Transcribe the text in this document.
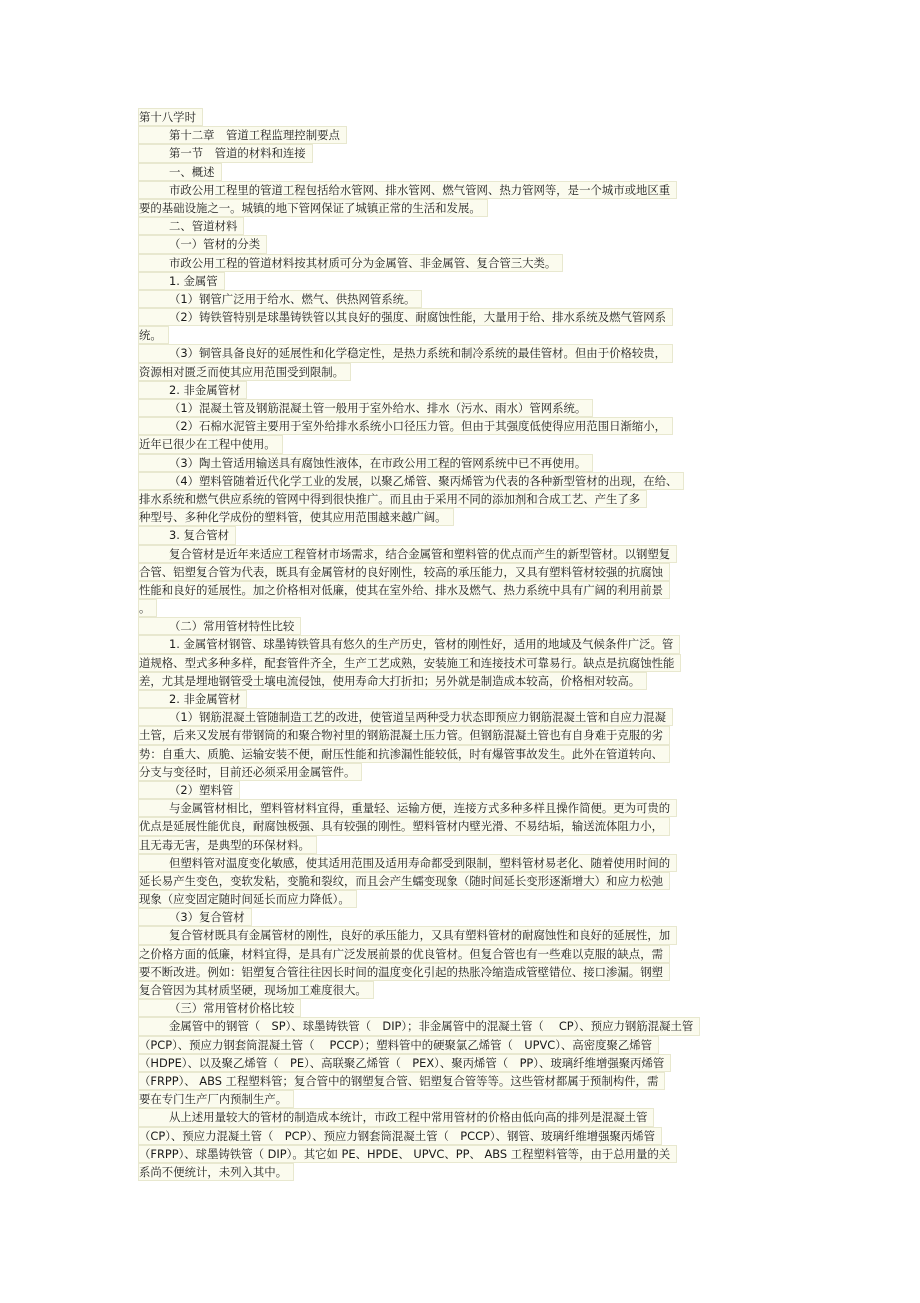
第十八学时
第十二章　管道工程监理控制要点
第一节　管道的材料和连接
一、概述
市政公用工程里的管道工程包括给水管网、排水管网、燃气管网、热力管网等，是一个城市或地区重
要的基础设施之一。城镇的地下管网保证了城镇正常的生活和发展。
二、管道材料
（一）管材的分类
市政公用工程的管道材料按其材质可分为金属管、非金属管、复合管三大类。
1. 金属管
（1）钢管广泛用于给水、燃气、供热网管系统。
（2）铸铁管特别是球墨铸铁管以其良好的强度、耐腐蚀性能，大量用于给、排水系统及燃气管网系
统。
（3）铜管具备良好的延展性和化学稳定性，是热力系统和制冷系统的最佳管材。但由于价格较贵，
资源相对匮乏而使其应用范围受到限制。
2. 非金属管材
（1）混凝土管及钢筋混凝土管一般用于室外给水、排水（污水、雨水）管网系统。
（2）石棉水泥管主要用于室外给排水系统小口径压力管。但由于其强度低使得应用范围日渐缩小，
近年已很少在工程中使用。
（3）陶土管适用输送具有腐蚀性液体，在市政公用工程的管网系统中已不再使用。
（4）塑料管随着近代化学工业的发展，以聚乙烯管、聚丙烯管为代表的各种新型管材的出现，在给、
排水系统和燃气供应系统的管网中得到很快推广。而且由于采用不同的添加剂和合成工艺、产生了多
种型号、多种化学成份的塑料管，使其应用范围越来越广阔。
3. 复合管材
复合管材是近年来适应工程管材市场需求，结合金属管和塑料管的优点而产生的新型管材。以钢塑复
合管、铝塑复合管为代表，既具有金属管材的良好刚性，较高的承压能力，又具有塑料管材较强的抗腐蚀
性能和良好的延展性。加之价格相对低廉，使其在室外给、排水及燃气、热力系统中具有广阔的利用前景
。
（二）常用管材特性比较
1. 金属管材钢管、球墨铸铁管具有悠久的生产历史，管材的刚性好，适用的地域及气候条件广泛。管
道规格、型式多种多样，配套管件齐全，生产工艺成熟，安装施工和连接技术可靠易行。缺点是抗腐蚀性能
差，尤其是埋地钢管受土壤电流侵蚀，使用寿命大打折扣；另外就是制造成本较高，价格相对较高。
2. 非金属管材
（1）钢筋混凝土管随制造工艺的改进，使管道呈两种受力状态即预应力钢筋混凝土管和自应力混凝
土管，后来又发展有带钢筒的和聚合物衬里的钢筋混凝土压力管。但钢筋混凝土管也有自身难于克服的劣
势：自重大、质脆、运输安装不便，耐压性能和抗渗漏性能较低，时有爆管事故发生。此外在管道转向、
分支与变径时，目前还必须采用金属管件。
（2）塑料管
与金属管材相比，塑料管材料宜得，重量轻、运输方便，连接方式多种多样且操作简便。更为可贵的
优点是延展性能优良，耐腐蚀极强、具有较强的刚性。塑料管材内壁光滑、不易结垢，输送流体阻力小，
且无毒无害，是典型的环保材料。
但塑料管对温度变化敏感，使其适用范围及适用寿命都受到限制，塑料管材易老化、随着使用时间的
延长易产生变色，变软发粘，变脆和裂纹，而且会产生蠕变现象（随时间延长变形逐渐增大）和应力松弛
现象（应变固定随时间延长而应力降低）。
（3）复合管材
复合管材既具有金属管材的刚性，良好的承压能力，又具有塑料管材的耐腐蚀性和良好的延展性，加
之价格方面的低廉，材料宜得，是具有广泛发展前景的优良管材。但复合管也有一些难以克服的缺点，需
要不断改进。例如：铝塑复合管往往因长时间的温度变化引起的热胀冷缩造成管壁错位、接口渗漏。钢塑
复合管因为其材质坚硬，现场加工难度很大。
（三）常用管材价格比较
金属管中的钢管（　SP）、球墨铸铁管（　DIP）；非金属管中的混凝土管（　 CP）、预应力钢筋混凝土管
（PCP）、预应力钢套筒混凝土管（　 PCCP）；塑料管中的硬聚氯乙烯管（　UPVC）、高密度聚乙烯管
（HDPE）、以及聚乙烯管（　PE）、高联聚乙烯管（　PEX）、聚丙烯管（　PP）、玻璃纤维增强聚丙烯管
（FRPP）、 ABS 工程塑料管；复合管中的钢塑复合管、铝塑复合管等等。这些管材都属于预制构件，需
要在专门生产厂内预制生产。
从上述用量较大的管材的制造成本统计，市政工程中常用管材的价格由低向高的排列是混凝土管
（CP）、预应力混凝土管（　PCP）、预应力钢套筒混凝土管（　PCCP）、钢管、玻璃纤维增强聚丙烯管
（FRPP）、球墨铸铁管（ DIP）。其它如 PE、HPDE、 UPVC、PP、 ABS 工程塑料管等，由于总用量的关
系尚不便统计，未列入其中。
